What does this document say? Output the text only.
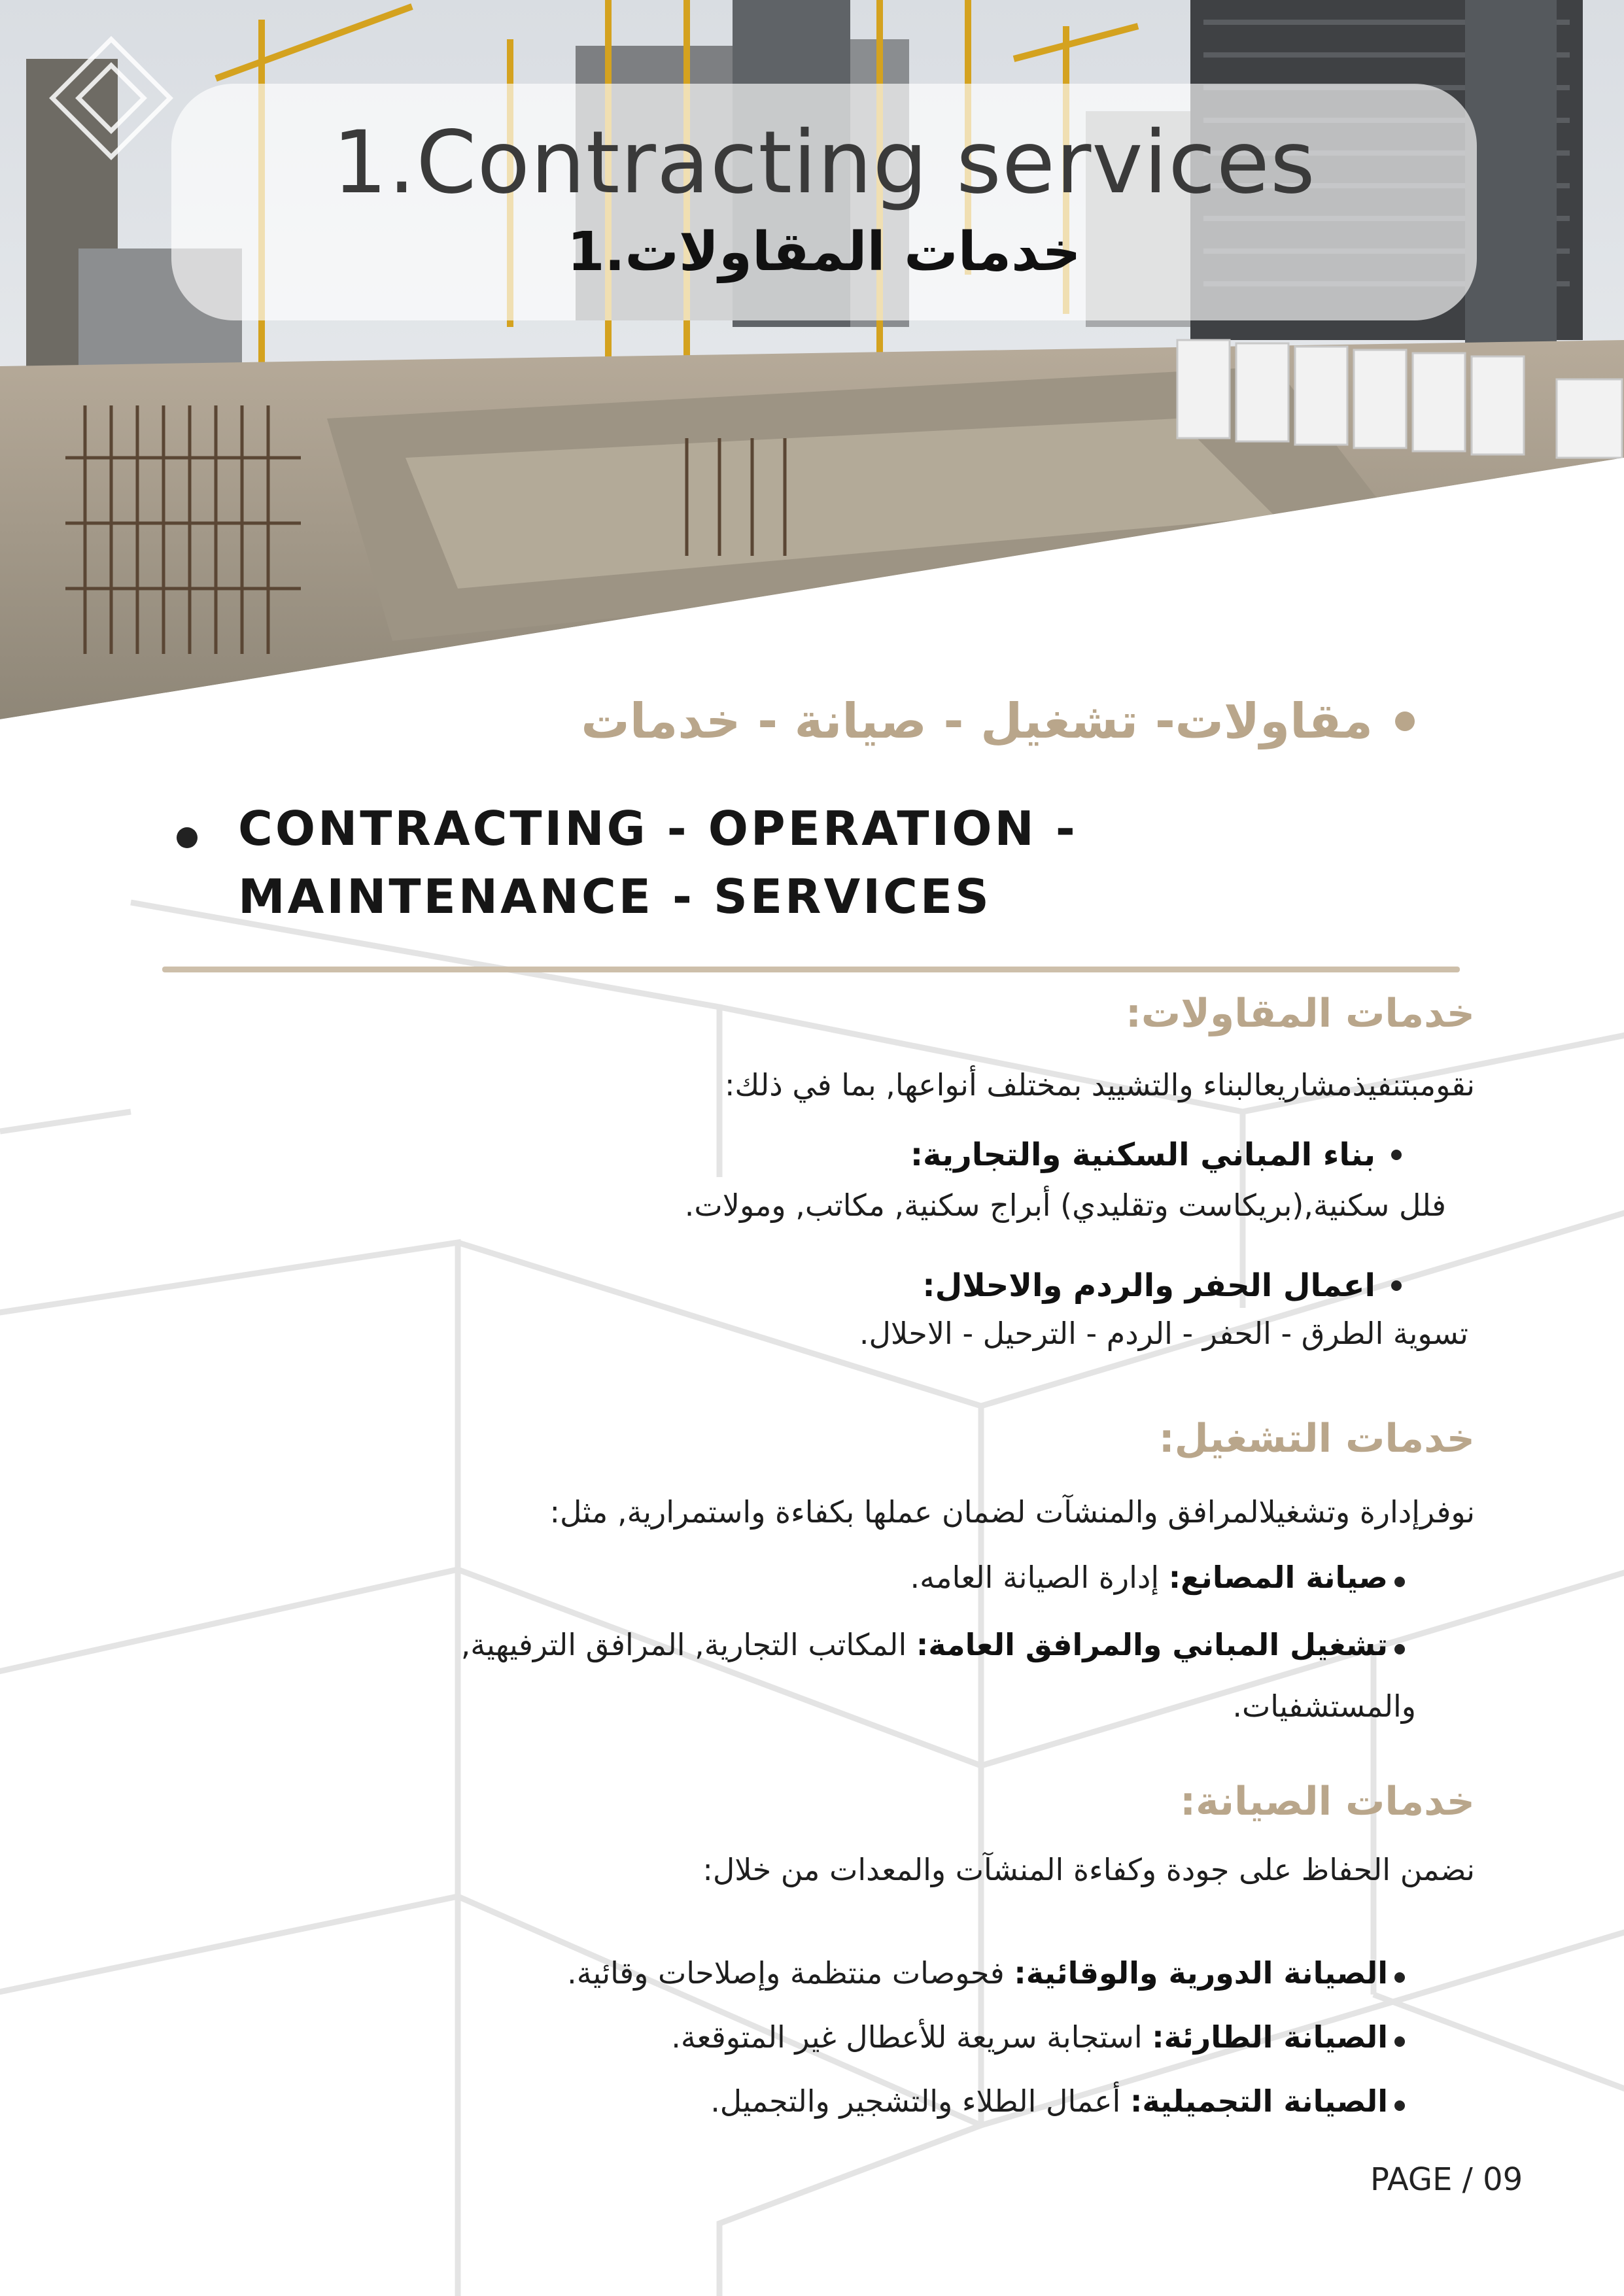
1.Contracting services
خدمات المقاولات.1
مقاولات- تشغيل - صيانة - خدمات
CONTRACTING - OPERATION - MAINTENANCE - SERVICES
خدمات المقاولات:
نقومبتنفيذمشاريعالبناء والتشييد بمختلف أنواعها, بما في ذلك:
بناء المباني السكنية والتجارية:
فلل سكنية,(بريكاست وتقليدي) أبراج سكنية, مكاتب, ومولات.
اعمال الحفر والردم والاحلال:
تسوية الطرق - الحفر - الردم - الترحيل - الاحلال.
خدمات التشغيل:
نوفرإدارة وتشغيلالمرافق والمنشآت لضمان عملها بكفاءة واستمرارية, مثل:
صيانة المصانع: إدارة الصيانة العامه.
تشغيل المباني والمرافق العامة: المكاتب التجارية, المرافق الترفيهية,
والمستشفيات.
خدمات الصيانة:
نضمن الحفاظ على جودة وكفاءة المنشآت والمعدات من خلال:
الصيانة الدورية والوقائية: فحوصات منتظمة وإصلاحات وقائية.
الصيانة الطارئة: استجابة سريعة للأعطال غير المتوقعة.
الصيانة التجميلية: أعمال الطلاء والتشجير والتجميل.
PAGE / 09
